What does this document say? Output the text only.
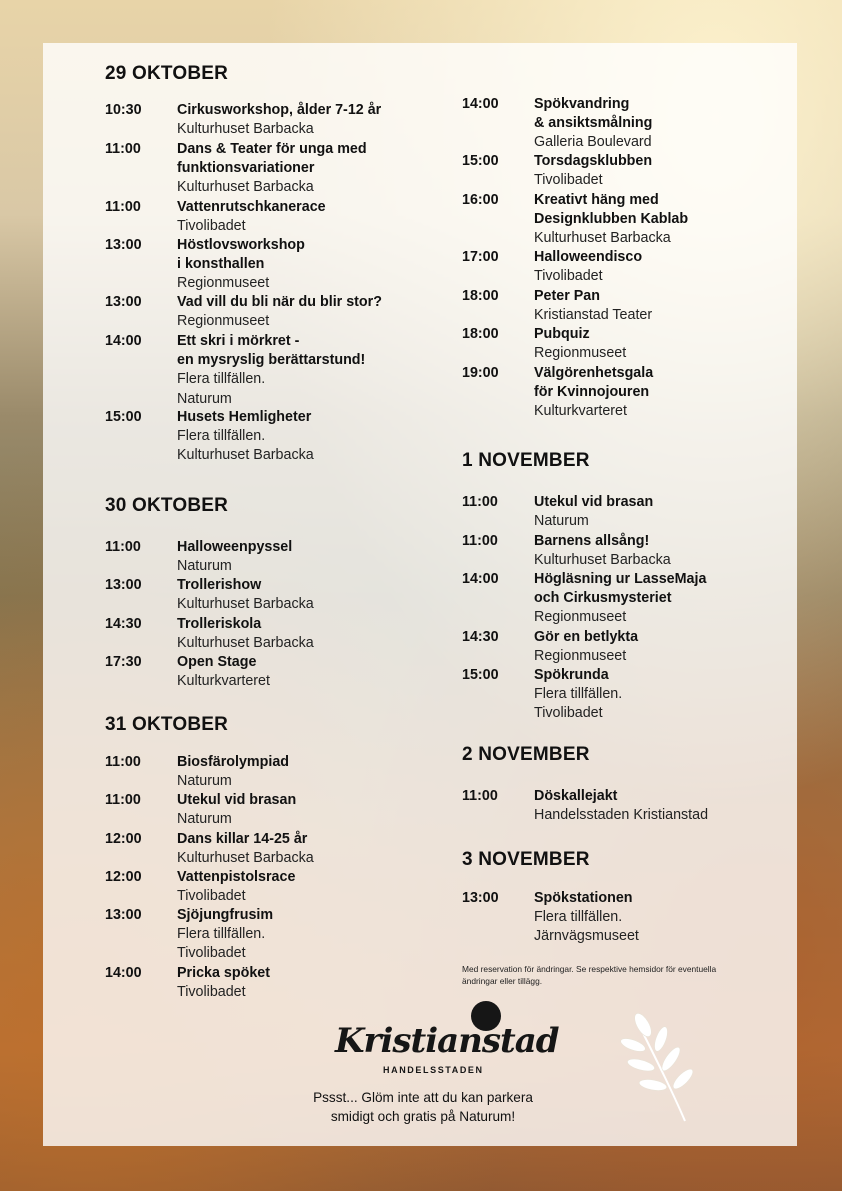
29 OKTOBER
10:30	Cirkusworkshop, ålder 7-12 år
Kulturhuset Barbacka
11:00	Dans & Teater för unga med
funktionsvariationer
Kulturhuset Barbacka
11:00	Vattenrutschkanerace
Tivolibadet
13:00	Höstlovsworkshop
i konsthallen
Regionmuseet
13:00	Vad vill du bli när du blir stor?
Regionmuseet
14:00	Ett skri i mörkret -
en mysryslig berättarstund!
Flera tillfällen.
Naturum
15:00	Husets Hemligheter
Flera tillfällen.
Kulturhuset Barbacka
30 OKTOBER
11:00	Halloweenpyssel
Naturum
13:00	Trollerishow
Kulturhuset Barbacka
14:30	Trolleriskola
Kulturhuset Barbacka
17:30	Open Stage
Kulturkvarteret
31 OKTOBER
11:00	Biosfärolympiad
Naturum
11:00	Utekul vid brasan
Naturum
12:00	Dans killar 14-25 år
Kulturhuset Barbacka
12:00	Vattenpistolsrace
Tivolibadet
13:00	Sjöjungfrusim
Flera tillfällen.
Tivolibadet
14:00	Pricka spöket
Tivolibadet
14:00	Spökvandring
& ansiktsmålning
Galleria Boulevard
15:00	Torsdagsklubben
Tivolibadet
16:00	Kreativt häng med
Designklubben Kablab
Kulturhuset Barbacka
17:00	Halloweendisco
Tivolibadet
18:00	Peter Pan
Kristianstad Teater
18:00	Pubquiz
Regionmuseet
19:00	Välgörenhetsgala
för Kvinnojouren
Kulturkvarteret
1 NOVEMBER
11:00	Utekul vid brasan
Naturum
11:00	Barnens allsång!
Kulturhuset Barbacka
14:00	Högläsning ur LasseMaja
och Cirkusmysteriet
Regionmuseet
14:30	Gör en betlykta
Regionmuseet
15:00	Spökrunda
Flera tillfällen.
Tivolibadet
2 NOVEMBER
11:00	Döskallejakt
Handelsstaden Kristianstad
3 NOVEMBER
13:00	Spökstationen
Flera tillfällen.
Järnvägsmuseet
Med reservation för ändringar. Se respektive hemsidor för eventuella ändringar eller tillägg.
Kristianstad
HANDELSSTADEN
Pssst... Glöm inte att du kan parkera
smidigt och gratis på Naturum!
